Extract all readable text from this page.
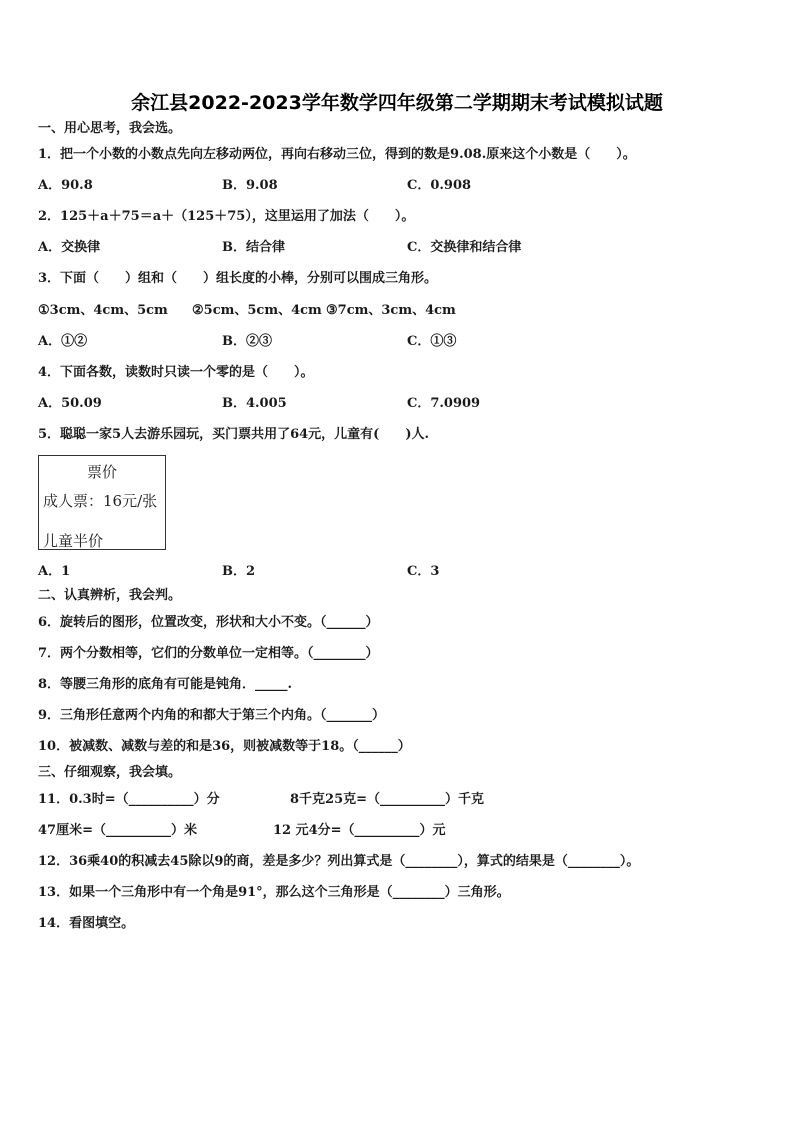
余江县2022-2023学年数学四年级第二学期期末考试模拟试题
一、用心思考，我会选。
1．把一个小数的小数点先向左移动两位，再向右移动三位，得到的数是9.08.原来这个小数是（　　）。
A．90.8	B．9.08	C．0.908
2．125＋a＋75＝a＋（125＋75），这里运用了加法（　　）。
A．交换律	B．结合律	C．交换律和结合律
3．下面（　　）组和（　　）组长度的小棒，分别可以围成三角形。
①3cm、4cm、5cm ②5cm、5cm、4cm ③7cm、3cm、4cm
A．①②	B．②③	C．①③
4．下面各数，读数时只读一个零的是（　　）。
A．50.09	B．4.005	C．7.0909
5．聪聪一家5人去游乐园玩，买门票共用了64元，儿童有(　　)人.
票价
成人票：16元/张
儿童半价
A．1	B．2	C．3
二、认真辨析，我会判。
6．旋转后的图形，位置改变，形状和大小不变。（______）
7．两个分数相等，它们的分数单位一定相等。（________）
8．等腰三角形的底角有可能是钝角．_____.
9．三角形任意两个内角的和都大于第三个内角。（_______）
10．被减数、减数与差的和是36，则被减数等于18。（______）
三、仔细观察，我会填。
11．0.3时=（__________）分	8千克25克=（__________）千克
47厘米=（__________）米	12 元4分=（__________）元
12．36乘40的积减去45除以9的商，差是多少？列出算式是（________），算式的结果是（________）。
13．如果一个三角形中有一个角是91°，那么这个三角形是（________）三角形。
14．看图填空。
